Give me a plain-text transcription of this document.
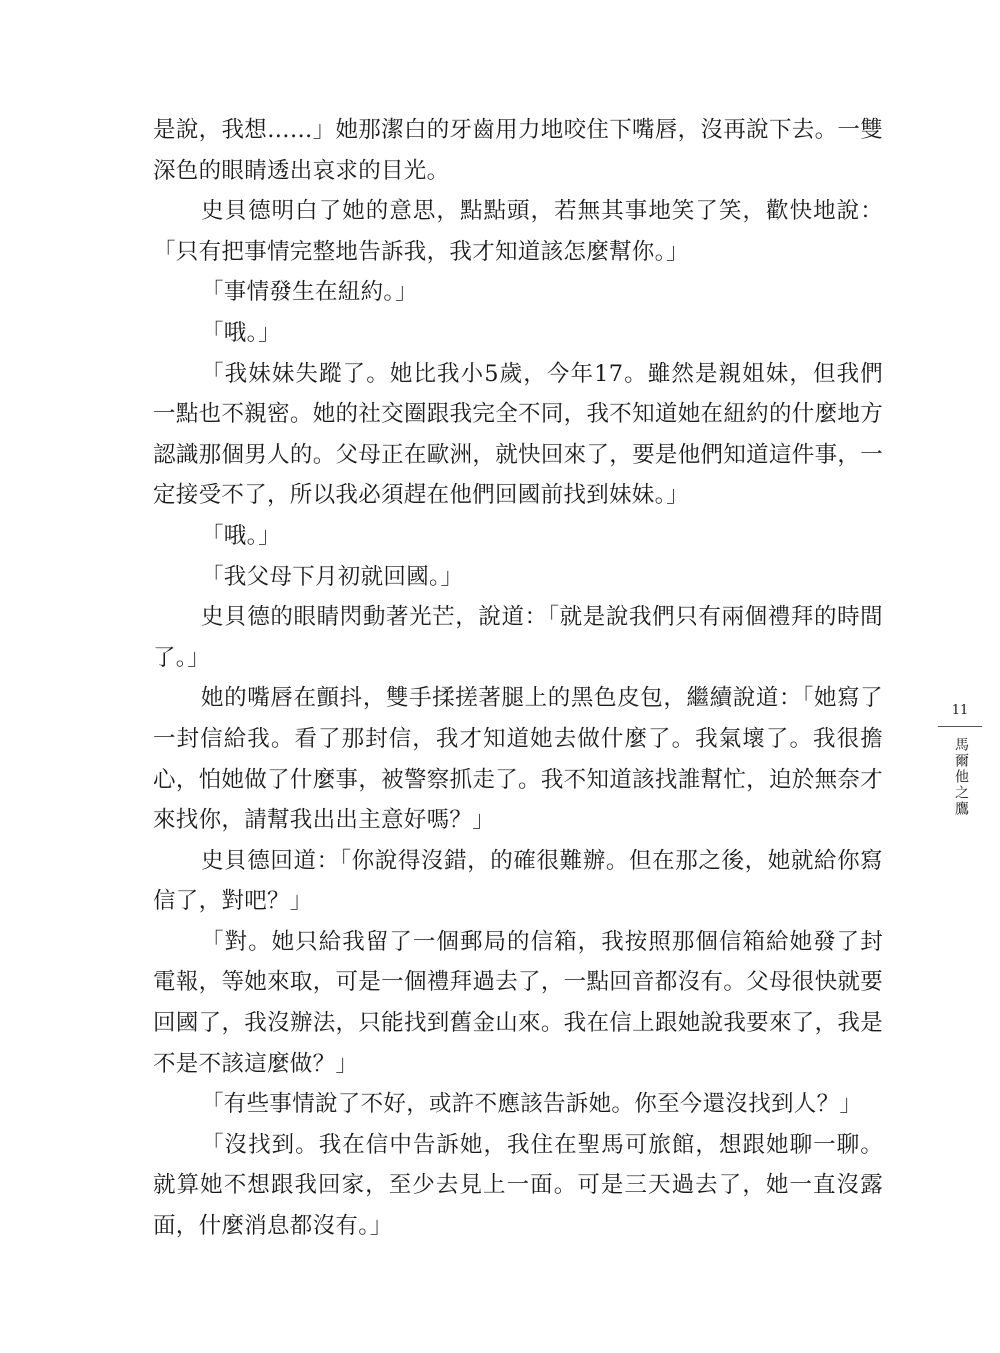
是說，我想……」她那潔白的牙齒用力地咬住下嘴唇，沒再說下去。一雙深色的眼睛透出哀求的目光。

史貝德明白了她的意思，點點頭，若無其事地笑了笑，歡快地說：「只有把事情完整地告訴我，我才知道該怎麼幫你。」

「事情發生在紐約。」

「哦。」

「我妹妹失蹤了。她比我小5歲，今年17。雖然是親姐妹，但我們一點也不親密。她的社交圈跟我完全不同，我不知道她在紐約的什麼地方認識那個男人的。父母正在歐洲，就快回來了，要是他們知道這件事，一定接受不了，所以我必須趕在他們回國前找到妹妹。」

「哦。」

「我父母下月初就回國。」

史貝德的眼睛閃動著光芒，說道：「就是說我們只有兩個禮拜的時間了。」

她的嘴唇在顫抖，雙手揉搓著腿上的黑色皮包，繼續說道：「她寫了一封信給我。看了那封信，我才知道她去做什麼了。我氣壞了。我很擔心，怕她做了什麼事，被警察抓走了。我不知道該找誰幫忙，迫於無奈才來找你，請幫我出出主意好嗎？」

史貝德回道：「你說得沒錯，的確很難辦。但在那之後，她就給你寫信了，對吧？」

「對。她只給我留了一個郵局的信箱，我按照那個信箱給她發了封電報，等她來取，可是一個禮拜過去了，一點回音都沒有。父母很快就要回國了，我沒辦法，只能找到舊金山來。我在信上跟她說我要來了，我是不是不該這麼做？」

「有些事情說了不好，或許不應該告訴她。你至今還沒找到人？」

「沒找到。我在信中告訴她，我住在聖馬可旅館，想跟她聊一聊。就算她不想跟我回家，至少去見上一面。可是三天過去了，她一直沒露面，什麼消息都沒有。」

11
馬爾他之鷹
